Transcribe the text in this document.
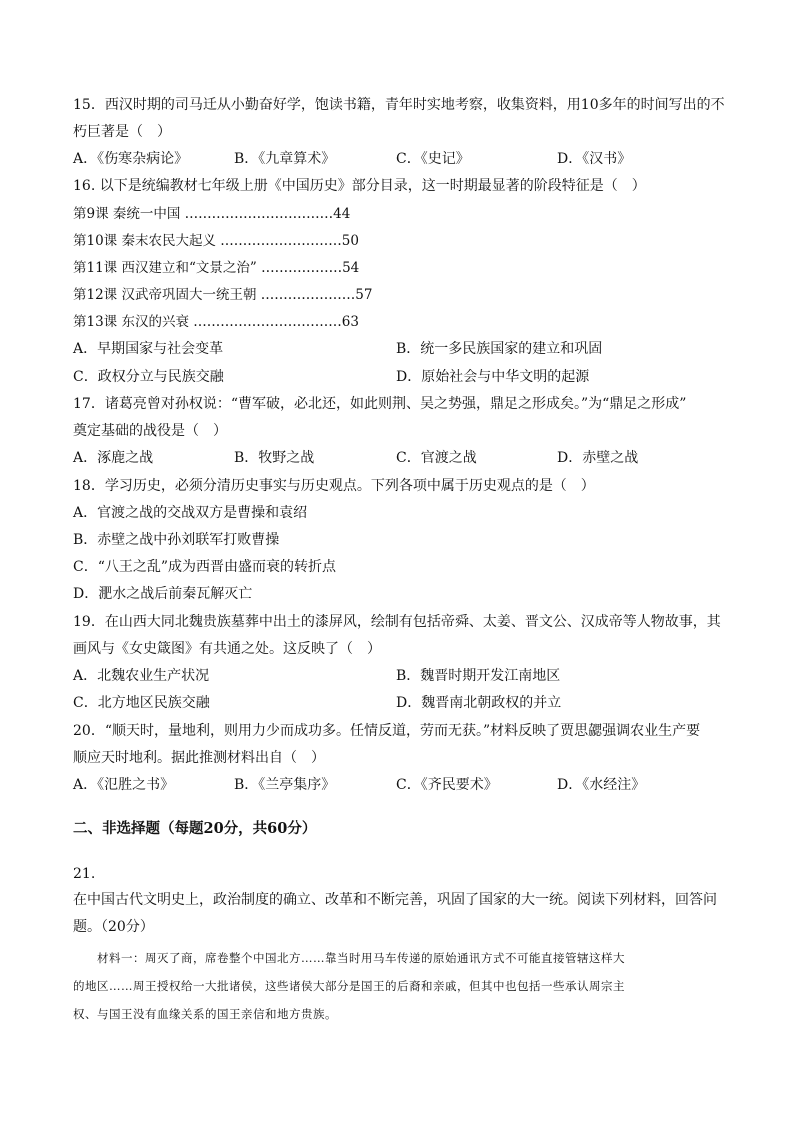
15．西汉时期的司马迁从小勤奋好学，饱读书籍，青年时实地考察，收集资料，用10多年的时间写出的不
朽巨著是（　）
A．《伤寒杂病论》	B．《九章算术》	C．《史记》	D．《汉书》
16. 以下是统编教材七年级上册《中国历史》部分目录，这一时期最显著的阶段特征是（　）
第9课 秦统一中国 ……………………………44
第10课 秦末农民大起义 ………………………50
第11课 西汉建立和“文景之治” ………………54
第12课 汉武帝巩固大一统王朝 …………………57
第13课 东汉的兴衰 ……………………………63
A．早期国家与社会变革	B．统一多民族国家的建立和巩固
C．政权分立与民族交融	D．原始社会与中华文明的起源
17．诸葛亮曾对孙权说：“曹军破，必北还，如此则荆、吴之势强，鼎足之形成矣。”为“鼎足之形成”
奠定基础的战役是（　）
A．涿鹿之战	B．牧野之战	C．官渡之战	D．赤壁之战
18．学习历史，必须分清历史事实与历史观点。下列各项中属于历史观点的是（　）
A．官渡之战的交战双方是曹操和袁绍
B．赤壁之战中孙刘联军打败曹操
C．“八王之乱”成为西晋由盛而衰的转折点
D．淝水之战后前秦瓦解灭亡
19．在山西大同北魏贵族墓葬中出土的漆屏风，绘制有包括帝舜、太姜、晋文公、汉成帝等人物故事，其
画风与《女史箴图》有共通之处。这反映了（　）
A．北魏农业生产状况	B．魏晋时期开发江南地区
C．北方地区民族交融	D．魏晋南北朝政权的并立
20．“顺天时，量地利，则用力少而成功多。任情反道，劳而无获。”材料反映了贾思勰强调农业生产要
顺应天时地利。据此推测材料出自（　）
A．《氾胜之书》	B．《兰亭集序》	C．《齐民要术》	D．《水经注》
二、非选择题（每题20分，共60分）
21.
在中国古代文明史上，政治制度的确立、改革和不断完善，巩固了国家的大一统。阅读下列材料，回答问
题。（20分）

材料一：周灭了商，席卷整个中国北方……靠当时用马车传递的原始通讯方式不可能直接管辖这样大

的地区……周王授权给一大批诸侯，这些诸侯大部分是国王的后裔和亲戚，但其中也包括一些承认周宗主

权、与国王没有血缘关系的国王亲信和地方贵族。
